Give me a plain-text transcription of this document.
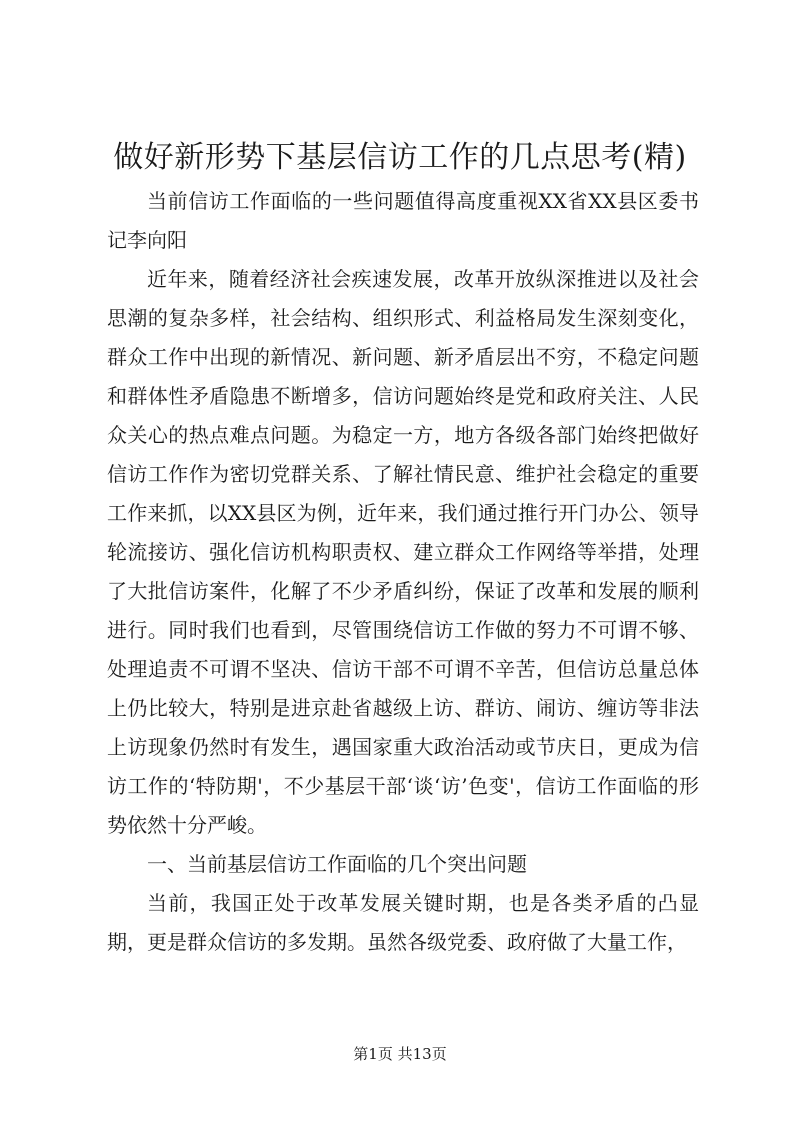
做好新形势下基层信访工作的几点思考(精)

当前信访工作面临的一些问题值得高度重视XX省XX县区委书记李向阳

近年来，随着经济社会疾速发展，改革开放纵深推进以及社会思潮的复杂多样，社会结构、组织形式、利益格局发生深刻变化，群众工作中出现的新情况、新问题、新矛盾层出不穷，不稳定问题和群体性矛盾隐患不断增多，信访问题始终是党和政府关注、人民众关心的热点难点问题。为稳定一方，地方各级各部门始终把做好信访工作作为密切党群关系、了解社情民意、维护社会稳定的重要工作来抓，以XX县区为例，近年来，我们通过推行开门办公、领导轮流接访、强化信访机构职责权、建立群众工作网络等举措，处理了大批信访案件，化解了不少矛盾纠纷，保证了改革和发展的顺利进行。同时我们也看到，尽管围绕信访工作做的努力不可谓不够、处理追责不可谓不坚决、信访干部不可谓不辛苦，但信访总量总体上仍比较大，特别是进京赴省越级上访、群访、闹访、缠访等非法上访现象仍然时有发生，遇国家重大政治活动或节庆日，更成为信访工作的‘特防期'，不少基层干部‘谈‘访’色变'，信访工作面临的形势依然十分严峻。

一、当前基层信访工作面临的几个突出问题

当前，我国正处于改革发展关键时期，也是各类矛盾的凸显期，更是群众信访的多发期。虽然各级党委、政府做了大量工作，

第1页 共13页
